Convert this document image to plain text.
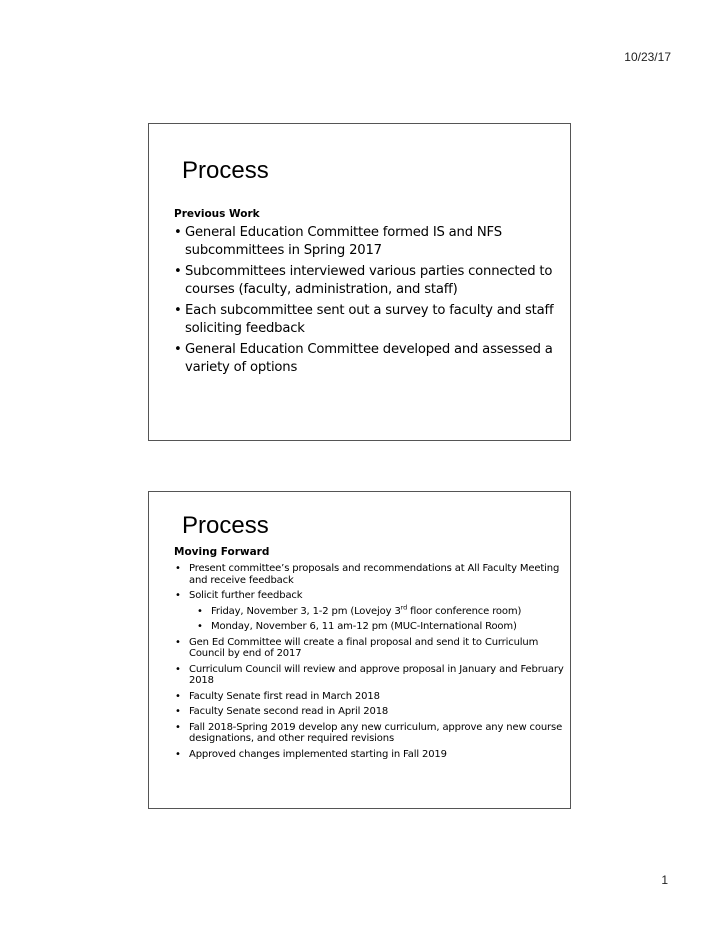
10/23/17
Process
Previous Work
• General Education Committee formed IS and NFS subcommittees in Spring 2017
• Subcommittees interviewed various parties connected to courses (faculty, administration, and staff)
• Each subcommittee sent out a survey to faculty and staff soliciting feedback
• General Education Committee developed and assessed a variety of options
Process
Moving Forward
• Present committee’s proposals and recommendations at All Faculty Meeting and receive feedback
• Solicit further feedback
• Friday, November 3, 1-2 pm (Lovejoy 3rd floor conference room)
• Monday, November 6, 11 am-12 pm (MUC-International Room)
• Gen Ed Committee will create a final proposal and send it to Curriculum Council by end of 2017
• Curriculum Council will review and approve proposal in January and February 2018
• Faculty Senate first read in March 2018
• Faculty Senate second read in April 2018
• Fall 2018-Spring 2019 develop any new curriculum, approve any new course designations, and other required revisions
• Approved changes implemented starting in Fall 2019
1
